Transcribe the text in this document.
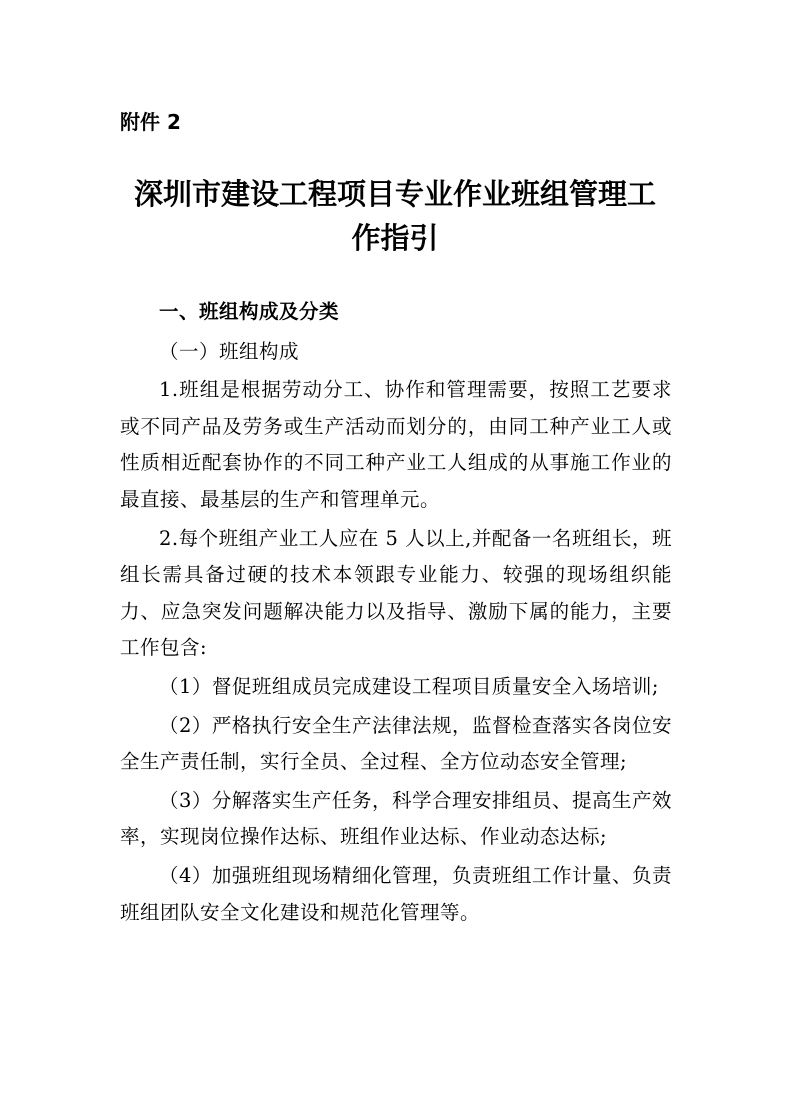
附件 2

深圳市建设工程项目专业作业班组管理工作指引

一、班组构成及分类

（一）班组构成

1.班组是根据劳动分工、协作和管理需要，按照工艺要求或不同产品及劳务或生产活动而划分的，由同工种产业工人或性质相近配套协作的不同工种产业工人组成的从事施工作业的最直接、最基层的生产和管理单元。

2.每个班组产业工人应在 5 人以上,并配备一名班组长，班组长需具备过硬的技术本领跟专业能力、较强的现场组织能力、应急突发问题解决能力以及指导、激励下属的能力，主要工作包含:

（1）督促班组成员完成建设工程项目质量安全入场培训;

（2）严格执行安全生产法律法规，监督检查落实各岗位安全生产责任制，实行全员、全过程、全方位动态安全管理;

（3）分解落实生产任务，科学合理安排组员、提高生产效率，实现岗位操作达标、班组作业达标、作业动态达标;

（4）加强班组现场精细化管理，负责班组工作计量、负责班组团队安全文化建设和规范化管理等。
